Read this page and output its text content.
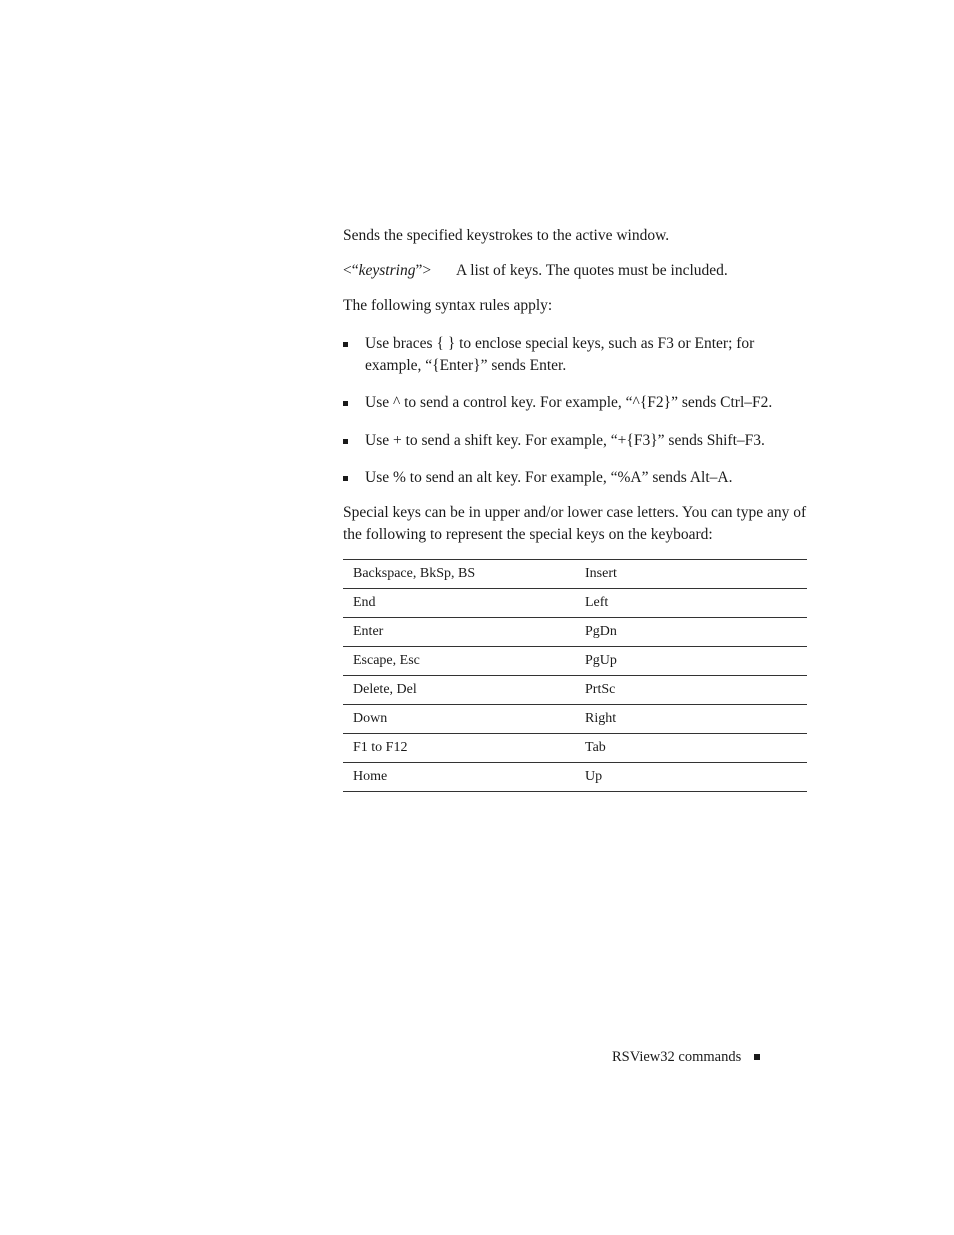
Sends the specified keystrokes to the active window.
<“keystring”> A list of keys. The quotes must be included.
The following syntax rules apply:
Use braces { } to enclose special keys, such as F3 or Enter; for example, “{Enter}” sends Enter.
Use ^ to send a control key. For example, “^{F2}” sends Ctrl–F2.
Use + to send a shift key. For example, “+{F3}” sends Shift–F3.
Use % to send an alt key. For example, “%A” sends Alt–A.
Special keys can be in upper and/or lower case letters. You can type any of the following to represent the special keys on the keyboard:
Backspace, BkSp, BS	Insert
End	Left
Enter	PgDn
Escape, Esc	PgUp
Delete, Del	PrtSc
Down	Right
F1 to F12	Tab
Home	Up
RSView32 commands
